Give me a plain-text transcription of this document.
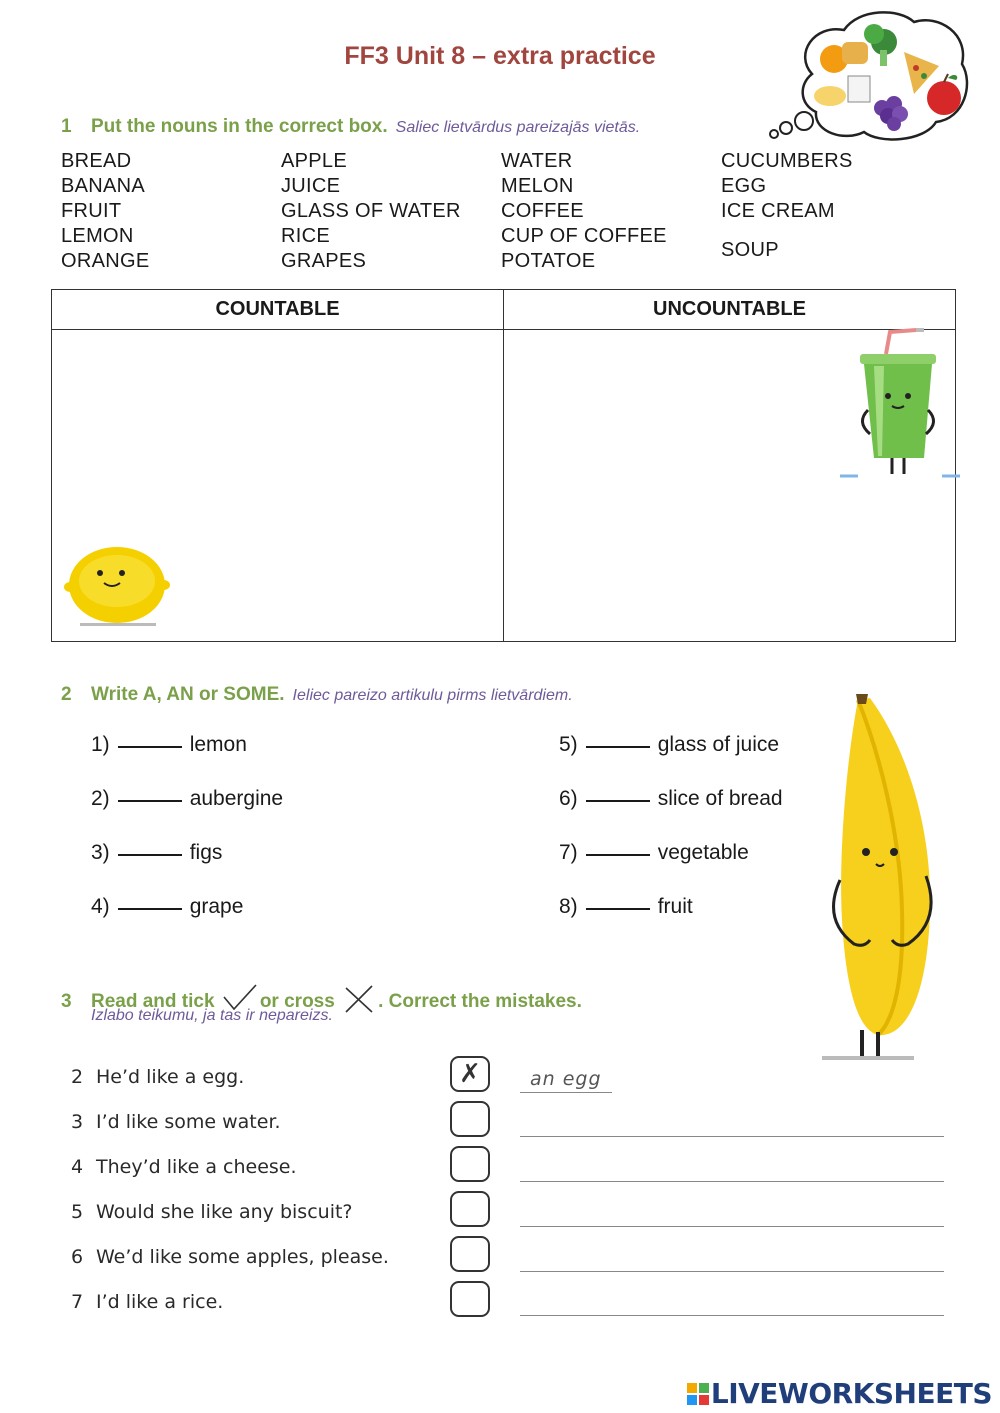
FF3 Unit 8 – extra practice
1 Put the nouns in the correct box. Saliec lietvārdus pareizajās vietās.
BREAD
BANANA
FRUIT
LEMON
ORANGE
APPLE
JUICE
GLASS OF WATER
RICE
GRAPES
WATER
MELON
COFFEE
CUP OF COFFEE
POTATOE
CUCUMBERS
EGG
ICE CREAM
SOUP
COUNTABLE	UNCOUNTABLE

2 Write A, AN or SOME. Ieliec pareizo artikulu pirms lietvārdiem.
1)	lemon
2)	aubergine
3)	figs
4)	grape
5)	glass of juice
6)	slice of bread
7)	vegetable
8)	fruit
3 Read and tick or cross . Correct the mistakes.
Izlabo teikumu, ja tas ir nepareizs.
2 He’d like a egg.	✗	an egg
3 I’d like some water.
4 They’d like a cheese.
5 Would she like any biscuit?
6 We’d like some apples, please.
7 I’d like a rice.
LIVEWORKSHEETS
